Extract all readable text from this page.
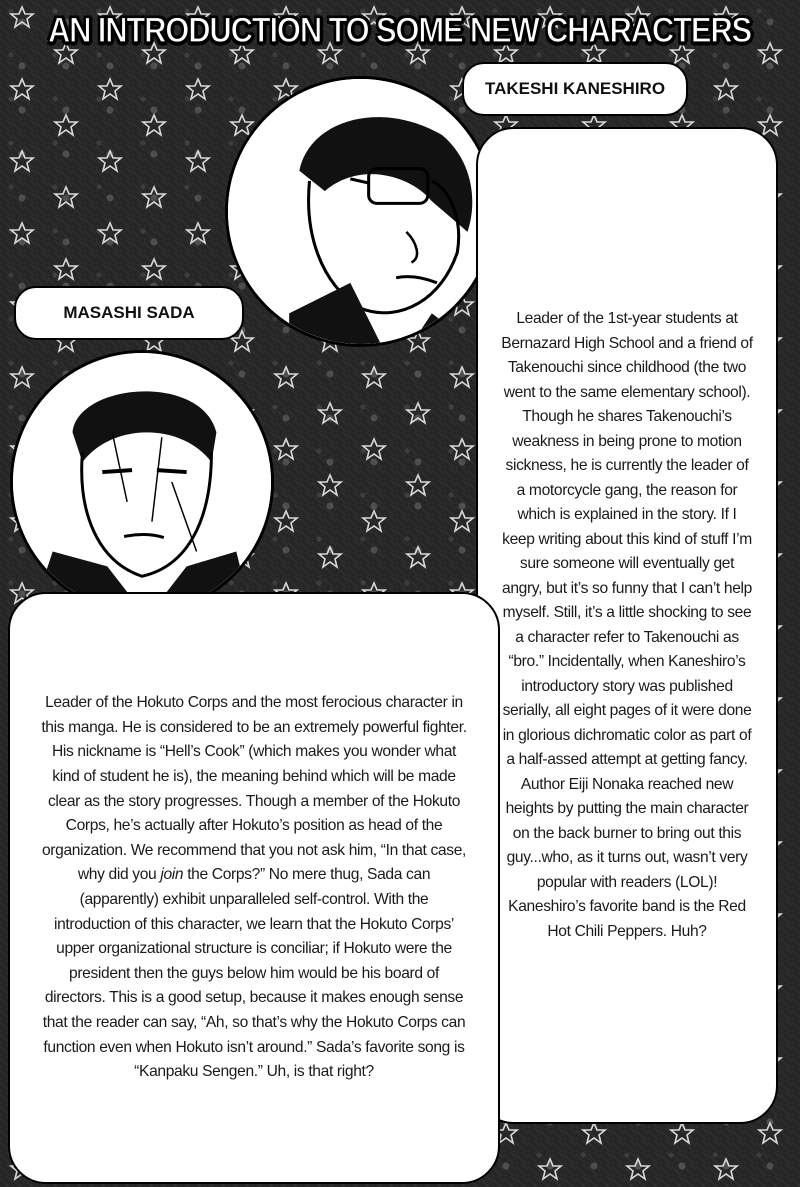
AN INTRODUCTION TO SOME NEW CHARACTERS
TAKESHI KANESHIRO

Leader of the 1st-year students at Bernazard High School and a friend of Takenouchi since childhood (the two went to the same elementary school). Though he shares Takenouchi’s weakness in being prone to motion sickness, he is currently the leader of a motorcycle gang, the reason for which is explained in the story. If I keep writing about this kind of stuff I’m sure someone will eventually get angry, but it’s so funny that I can’t help myself. Still, it’s a little shocking to see a character refer to Takenouchi as “bro.” Incidentally, when Kaneshiro’s introductory story was published serially, all eight pages of it were done in glorious dichromatic color as part of a half-assed attempt at getting fancy. Author Eiji Nonaka reached new heights by putting the main character on the back burner to bring out this guy...who, as it turns out, wasn’t very popular with readers (LOL)! Kaneshiro’s favorite band is the Red Hot Chili Peppers. Huh?

MASASHI SADA

Leader of the Hokuto Corps and the most ferocious character in this manga. He is considered to be an extremely powerful fighter. His nickname is “Hell’s Cook” (which makes you wonder what kind of student he is), the meaning behind which will be made clear as the story progresses. Though a member of the Hokuto Corps, he’s actually after Hokuto’s position as head of the organization. We recommend that you not ask him, “In that case, why did you join the Corps?” No mere thug, Sada can (apparently) exhibit unparalleled self-control. With the introduction of this character, we learn that the Hokuto Corps’ upper organizational structure is conciliar; if Hokuto were the president then the guys below him would be his board of directors. This is a good setup, because it makes enough sense that the reader can say, “Ah, so that’s why the Hokuto Corps can function even when Hokuto isn’t around.” Sada’s favorite song is “Kanpaku Sengen.” Uh, is that right?
